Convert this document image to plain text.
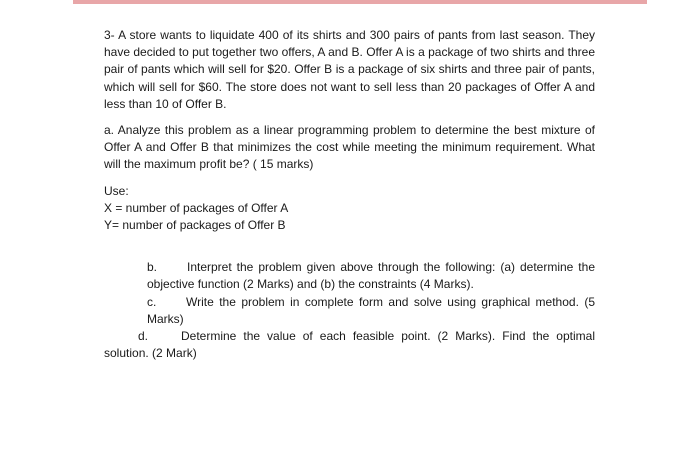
3- A store wants to liquidate 400 of its shirts and 300 pairs of pants from last season. They have decided to put together two offers, A and B. Offer A is a package of two shirts and three pair of pants which will sell for $20. Offer B is a package of six shirts and three pair of pants, which will sell for $60. The store does not want to sell less than 20 packages of Offer A and less than 10 of Offer B.

a. Analyze this problem as a linear programming problem to determine the best mixture of Offer A and Offer B that minimizes the cost while meeting the minimum requirement. What will the maximum profit be? ( 15 marks)

Use:

X = number of packages of Offer A

Y= number of packages of Offer B

b. Interpret the problem given above through the following: (a) determine the objective function (2 Marks) and (b) the constraints (4 Marks).

c. Write the problem in complete form and solve using graphical method. (5 Marks)

d.	Determine the value of each feasible point. (2 Marks). Find the optimal solution. (2 Mark)
